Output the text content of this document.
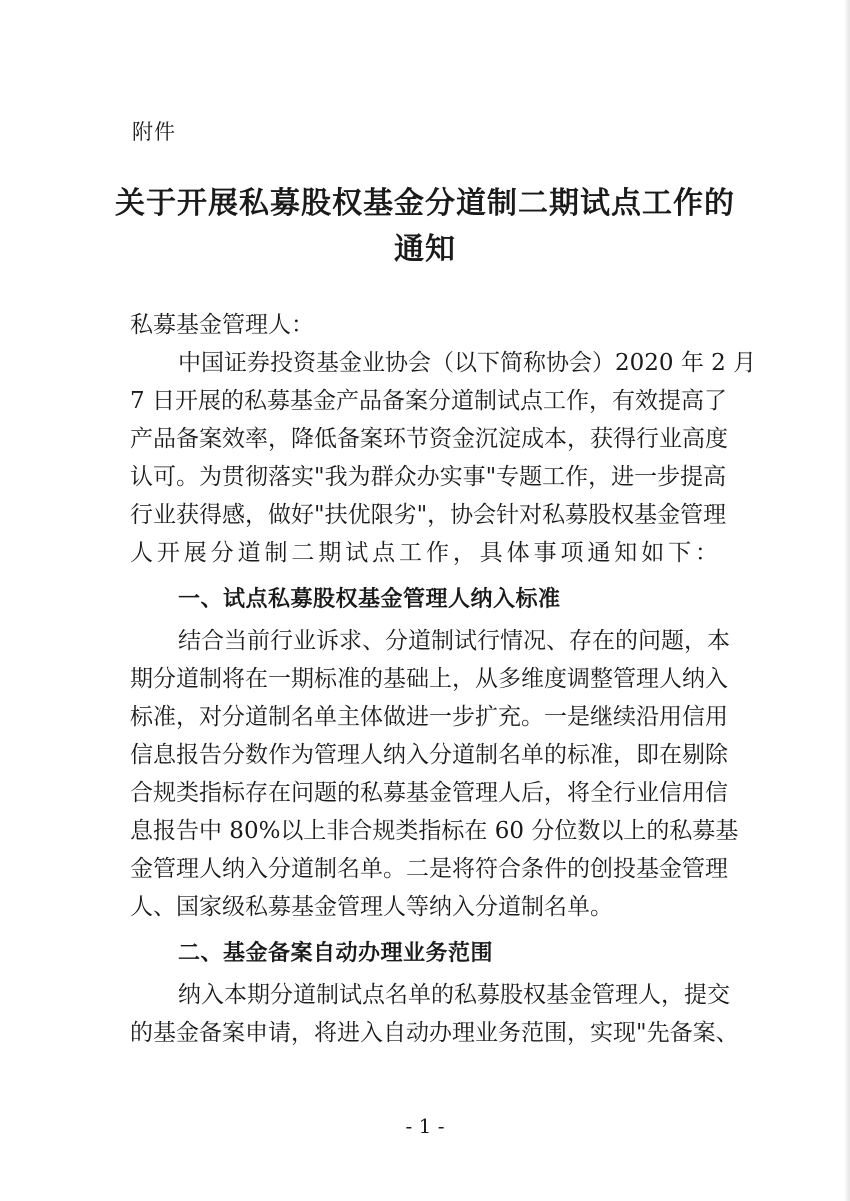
附件
关于开展私募股权基金分道制二期试点工作的
通知
私募基金管理人：
中国证券投资基金业协会（以下简称协会）2020 年 2 月
7 日开展的私募基金产品备案分道制试点工作，有效提高了
产品备案效率，降低备案环节资金沉淀成本，获得行业高度
认可。为贯彻落实"我为群众办实事"专题工作，进一步提高
行业获得感，做好"扶优限劣"，协会针对私募股权基金管理
人开展分道制二期试点工作，具体事项通知如下：
一、试点私募股权基金管理人纳入标准
结合当前行业诉求、分道制试行情况、存在的问题，本
期分道制将在一期标准的基础上，从多维度调整管理人纳入
标准，对分道制名单主体做进一步扩充。一是继续沿用信用
信息报告分数作为管理人纳入分道制名单的标准，即在剔除
合规类指标存在问题的私募基金管理人后，将全行业信用信
息报告中 80%以上非合规类指标在 60 分位数以上的私募基
金管理人纳入分道制名单。二是将符合条件的创投基金管理
人、国家级私募基金管理人等纳入分道制名单。
二、基金备案自动办理业务范围
纳入本期分道制试点名单的私募股权基金管理人，提交
的基金备案申请，将进入自动办理业务范围，实现"先备案、
- 1 -
